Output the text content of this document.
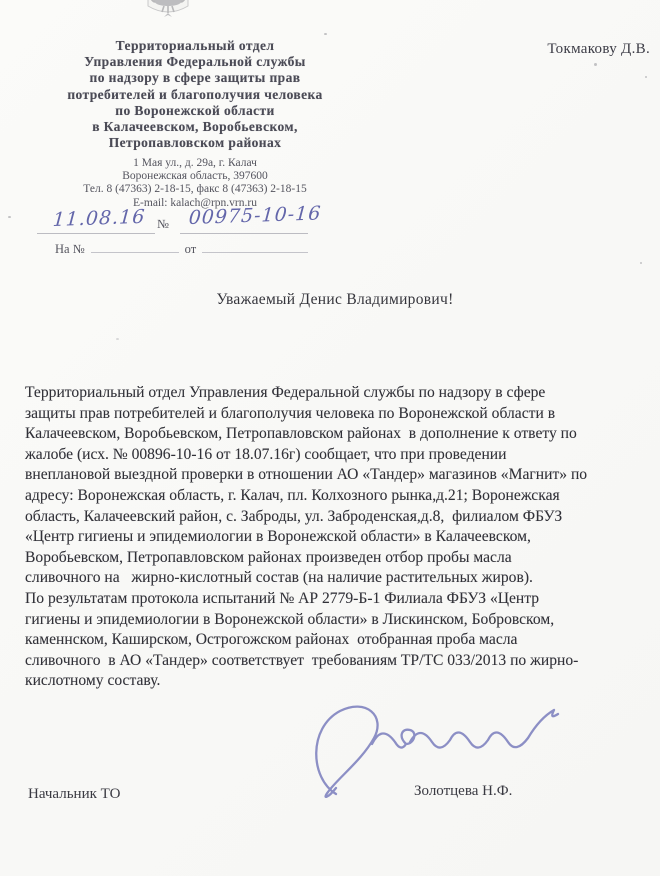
Территориальный отдел
Управления Федеральной службы
по надзору в сфере защиты прав
потребителей и благополучия человека
по Воронежской области
в Калачеевском, Воробьевском,
Петропавловском районах
Токмакову Д.В.
1 Мая ул., д. 29а, г. Калач
Воронежская область, 397600
Тел. 8 (47363) 2-18-15, факс 8 (47363) 2-18-15
E-mail: kalach@rpn.vrn.ru
11.08.16 № 00975-10-16
На №	от
Уважаемый Денис Владимирович!
Территориальный отдел Управления Федеральной службы по надзору в сфере
защиты прав потребителей и благополучия человека по Воронежской области в
Калачеевском, Воробьевском, Петропавловском районах  в дополнение к ответу по
жалобе (исх. № 00896-10-16 от 18.07.16г) сообщает, что при проведении
внеплановой выездной проверки в отношении АО «Тандер» магазинов «Магнит» по
адресу: Воронежская область, г. Калач, пл. Колхозного рынка,д.21; Воронежская
область, Калачеевский район, с. Заброды, ул. Заброденская,д.8,  филиалом ФБУЗ
«Центр гигиены и эпидемиологии в Воронежской области» в Калачеевском,
Воробьевском, Петропавловском районах произведен отбор пробы масла
сливочного на   жирно-кислотный состав (на наличие растительных жиров).
По результатам протокола испытаний № АР 2779-Б-1 Филиала ФБУЗ «Центр
гигиены и эпидемиологии в Воронежской области» в Лискинском, Бобровском,
каменнском, Каширском, Острогожском районах  отобранная проба масла
сливочного  в АО «Тандер» соответствует  требованиям ТР/ТС 033/2013 по жирно-
кислотному составу.
Начальник ТО	Золотцева Н.Ф.
